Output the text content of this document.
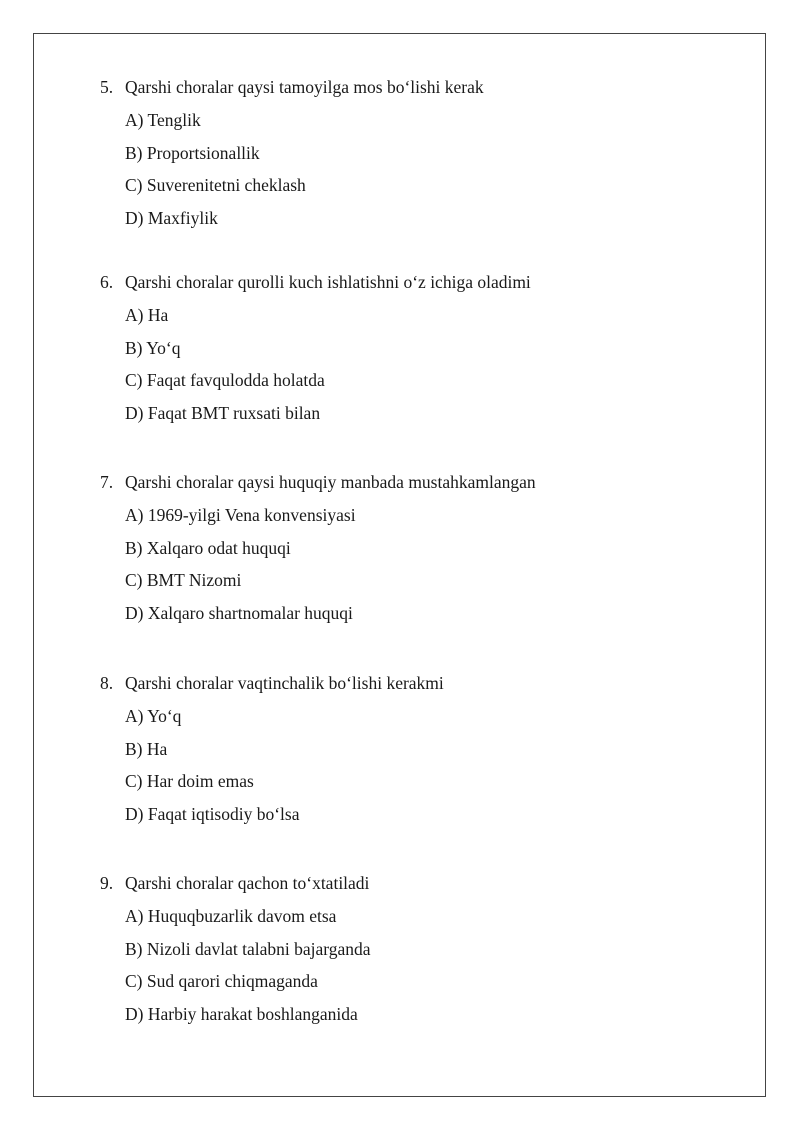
5. Qarshi choralar qaysi tamoyilga mos bo‘lishi kerak
A) Tenglik
B) Proportsionallik
C) Suverenitetni cheklash
D) Maxfiylik
6. Qarshi choralar qurolli kuch ishlatishni o‘z ichiga oladimi
A) Ha
B) Yo‘q
C) Faqat favqulodda holatda
D) Faqat BMT ruxsati bilan
7. Qarshi choralar qaysi huquqiy manbada mustahkamlangan
A) 1969-yilgi Vena konvensiyasi
B) Xalqaro odat huquqi
C) BMT Nizomi
D) Xalqaro shartnomalar huquqi
8. Qarshi choralar vaqtinchalik bo‘lishi kerakmi
A) Yo‘q
B) Ha
C) Har doim emas
D) Faqat iqtisodiy bo‘lsa
9. Qarshi choralar qachon to‘xtatiladi
A) Huquqbuzarlik davom etsa
B) Nizoli davlat talabni bajarganda
C) Sud qarori chiqmaganda
D) Harbiy harakat boshlanganida
